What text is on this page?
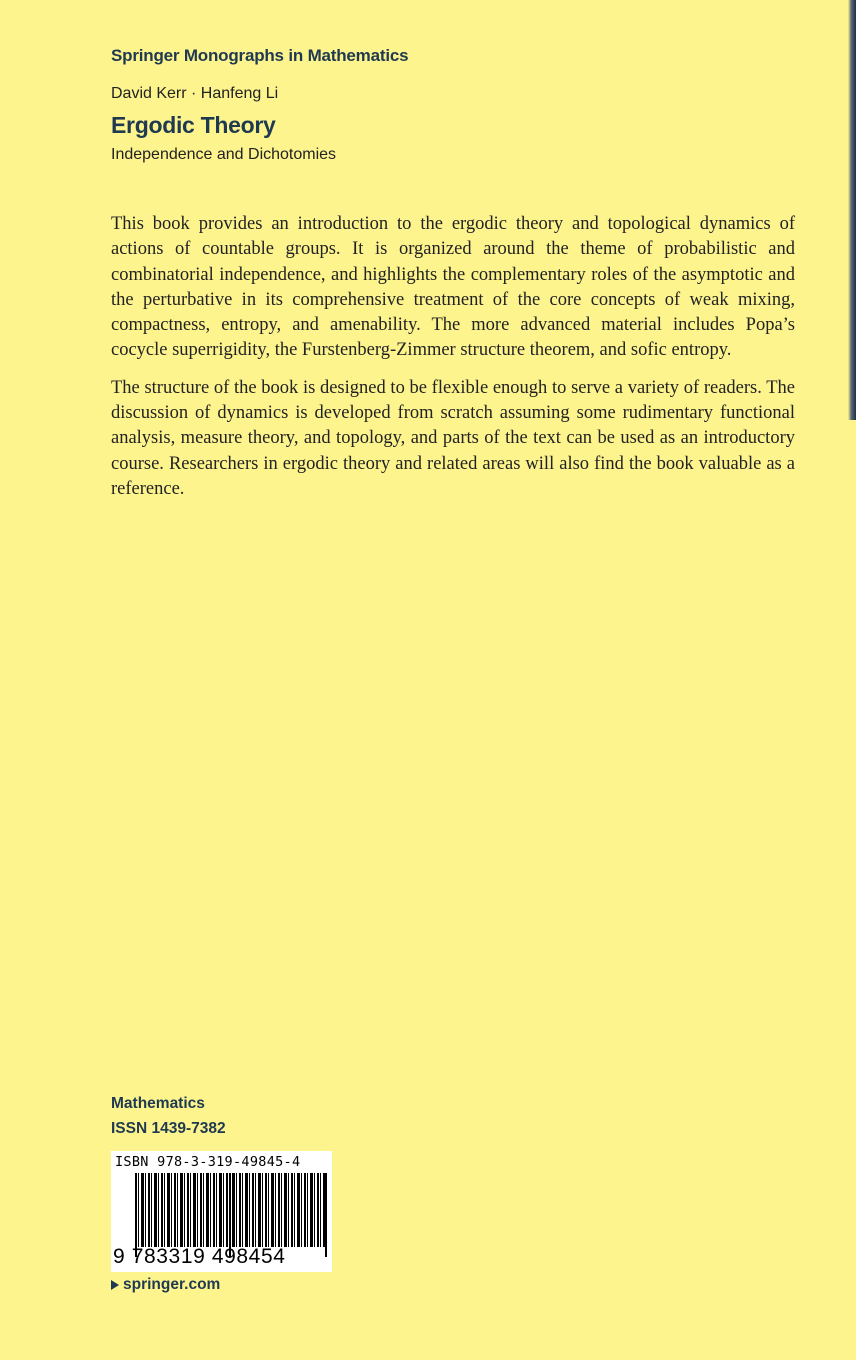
Springer Monographs in Mathematics
David Kerr · Hanfeng Li
Ergodic Theory
Independence and Dichotomies

This book provides an introduction to the ergodic theory and topological dynamics of actions of countable groups. It is organized around the theme of probabilistic and combinatorial independence, and highlights the complementary roles of the asymptotic and the perturbative in its comprehensive treatment of the core concepts of weak mixing, compactness, entropy, and amenability. The more advanced material includes Popa’s cocycle superrigidity, the Furstenberg-Zimmer structure theorem, and sofic entropy.

The structure of the book is designed to be flexible enough to serve a variety of readers. The discussion of dynamics is developed from scratch assuming some rudimentary functional analysis, measure theory, and topology, and parts of the text can be used as an introductory course. Researchers in ergodic theory and related areas will also find the book valuable as a reference.

Mathematics
ISSN 1439-7382
ISBN 978-3-319-49845-4
9 783319 498454
springer.com
